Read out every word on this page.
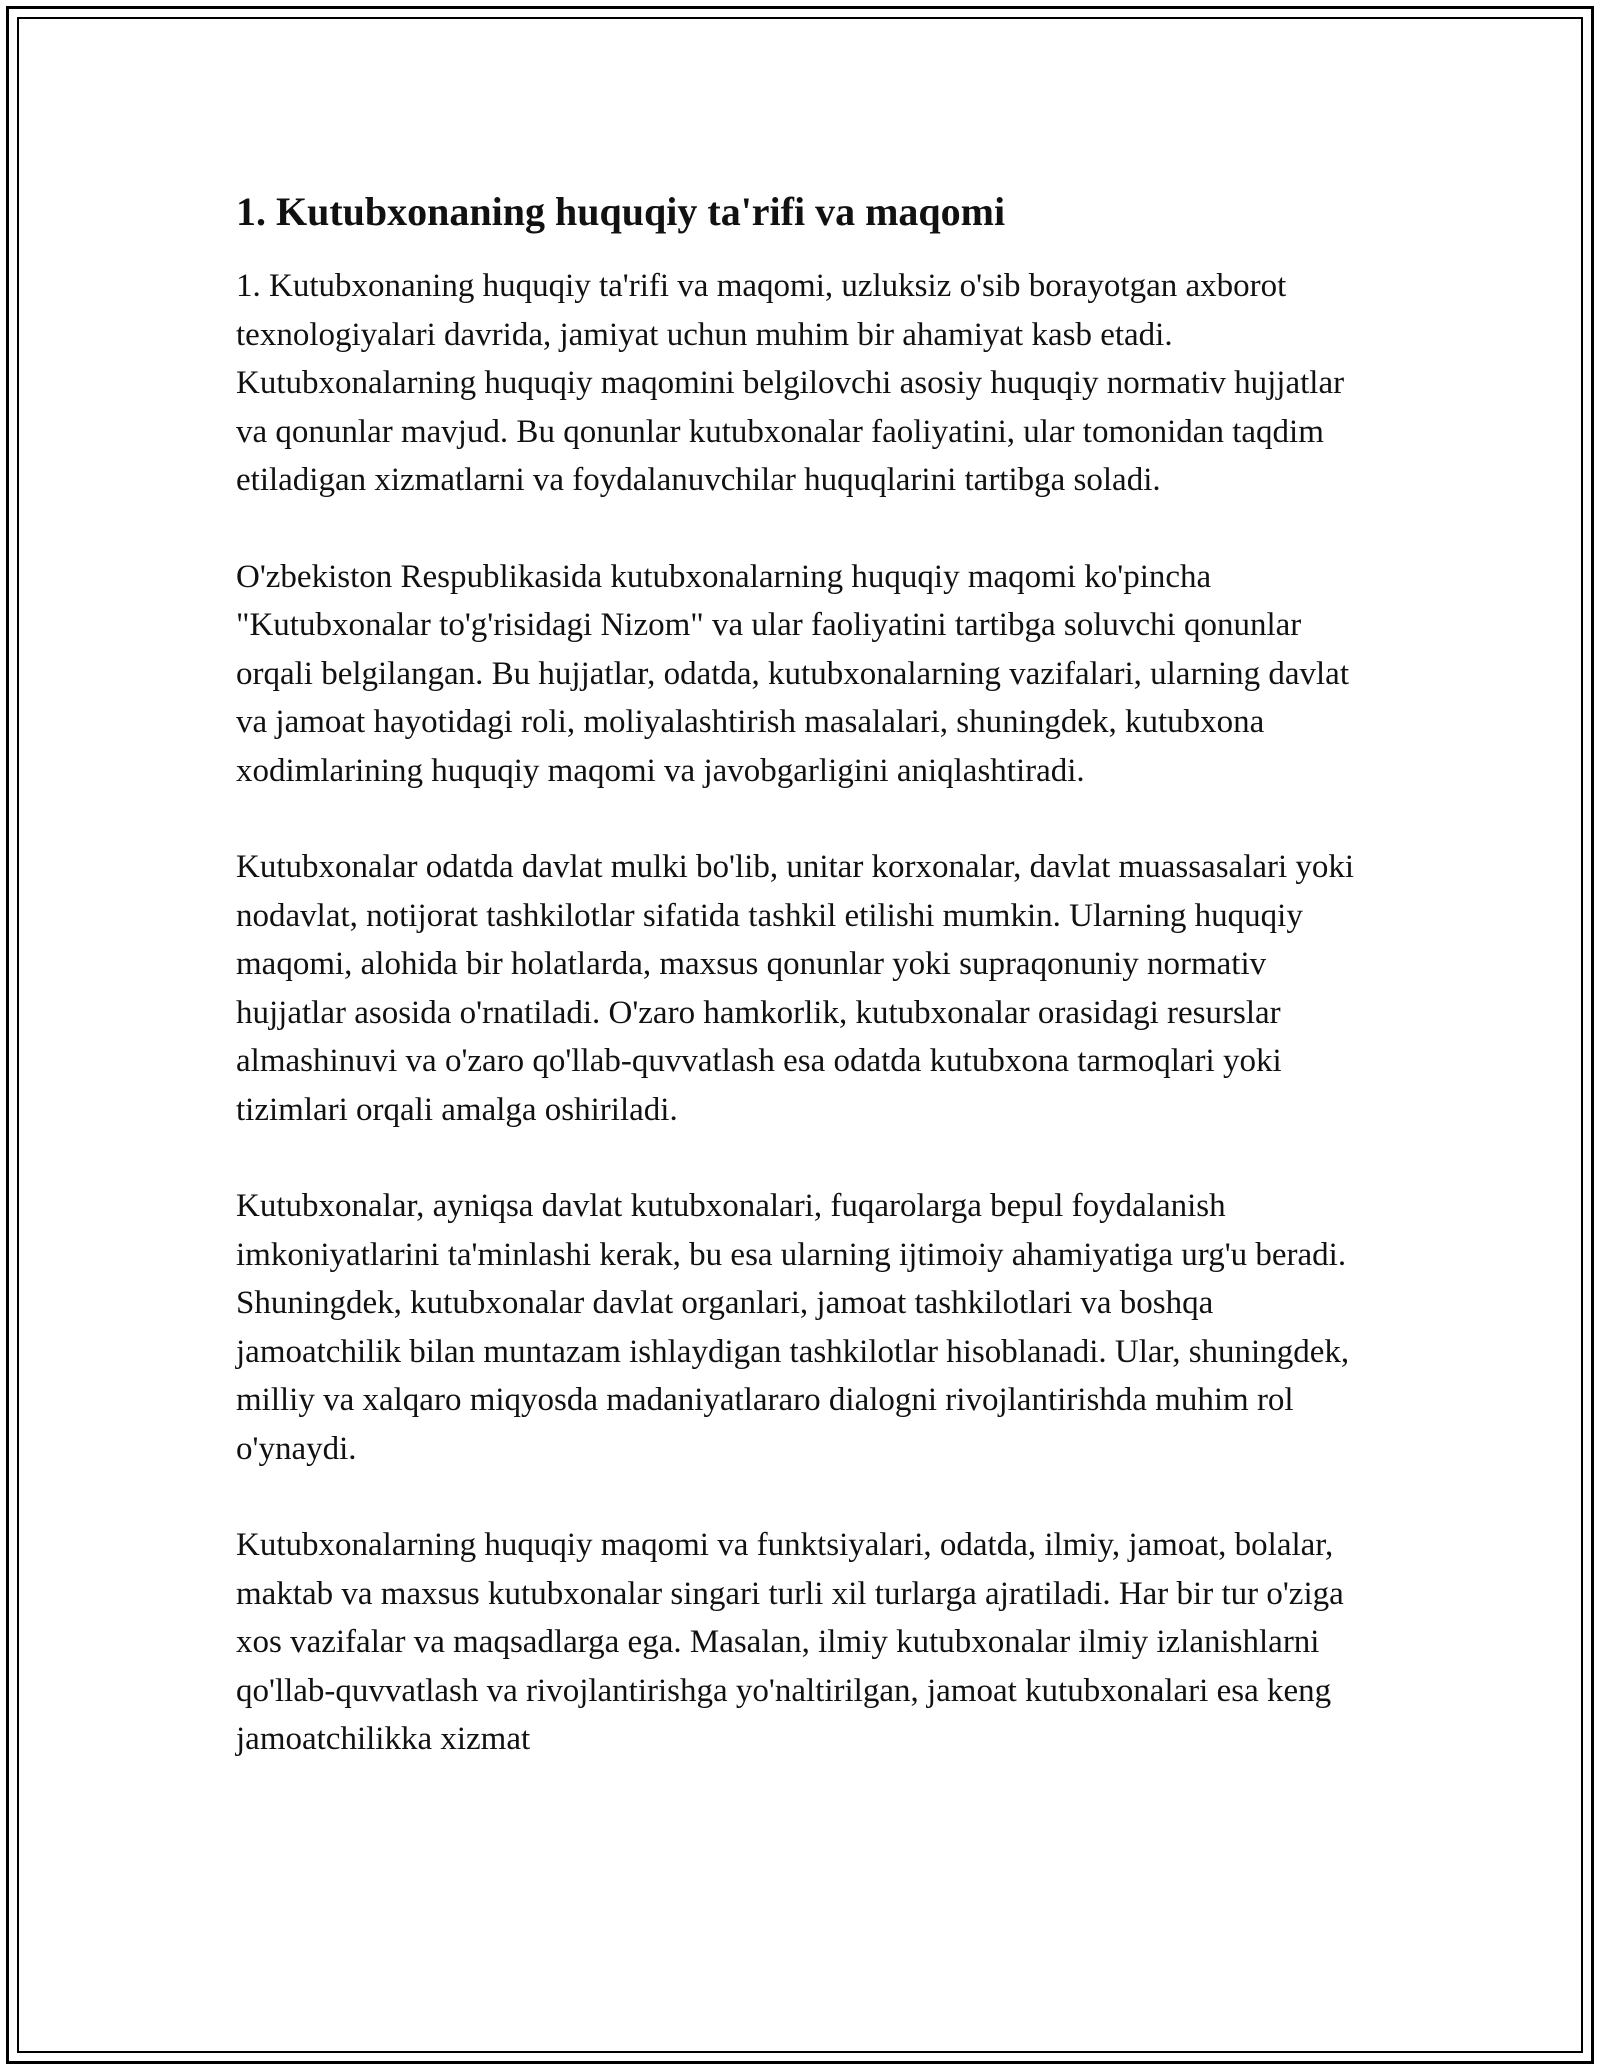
1. Kutubxonaning huquqiy ta'rifi va maqomi

1. Kutubxonaning huquqiy ta'rifi va maqomi, uzluksiz o'sib borayotgan axborot texnologiyalari davrida, jamiyat uchun muhim bir ahamiyat kasb etadi. Kutubxonalarning huquqiy maqomini belgilovchi asosiy huquqiy normativ hujjatlar va qonunlar mavjud. Bu qonunlar kutubxonalar faoliyatini, ular tomonidan taqdim etiladigan xizmatlarni va foydalanuvchilar huquqlarini tartibga soladi.

O'zbekiston Respublikasida kutubxonalarning huquqiy maqomi ko'pincha "Kutubxonalar to'g'risidagi Nizom" va ular faoliyatini tartibga soluvchi qonunlar orqali belgilangan. Bu hujjatlar, odatda, kutubxonalarning vazifalari, ularning davlat va jamoat hayotidagi roli, moliyalashtirish masalalari, shuningdek, kutubxona xodimlarining huquqiy maqomi va javobgarligini aniqlashtiradi.

Kutubxonalar odatda davlat mulki bo'lib, unitar korxonalar, davlat muassasalari yoki nodavlat, notijorat tashkilotlar sifatida tashkil etilishi mumkin. Ularning huquqiy maqomi, alohida bir holatlarda, maxsus qonunlar yoki supraqonuniy normativ hujjatlar asosida o'rnatiladi. O'zaro hamkorlik, kutubxonalar orasidagi resurslar almashinuvi va o'zaro qo'llab-quvvatlash esa odatda kutubxona tarmoqlari yoki tizimlari orqali amalga oshiriladi.

Kutubxonalar, ayniqsa davlat kutubxonalari, fuqarolarga bepul foydalanish imkoniyatlarini ta'minlashi kerak, bu esa ularning ijtimoiy ahamiyatiga urg'u beradi. Shuningdek, kutubxonalar davlat organlari, jamoat tashkilotlari va boshqa jamoatchilik bilan muntazam ishlaydigan tashkilotlar hisoblanadi. Ular, shuningdek, milliy va xalqaro miqyosda madaniyatlararo dialogni rivojlantirishda muhim rol o'ynaydi.

Kutubxonalarning huquqiy maqomi va funktsiyalari, odatda, ilmiy, jamoat, bolalar, maktab va maxsus kutubxonalar singari turli xil turlarga ajratiladi. Har bir tur o'ziga xos vazifalar va maqsadlarga ega. Masalan, ilmiy kutubxonalar ilmiy izlanishlarni qo'llab-quvvatlash va rivojlantirishga yo'naltirilgan, jamoat kutubxonalari esa keng jamoatchilikka xizmat
